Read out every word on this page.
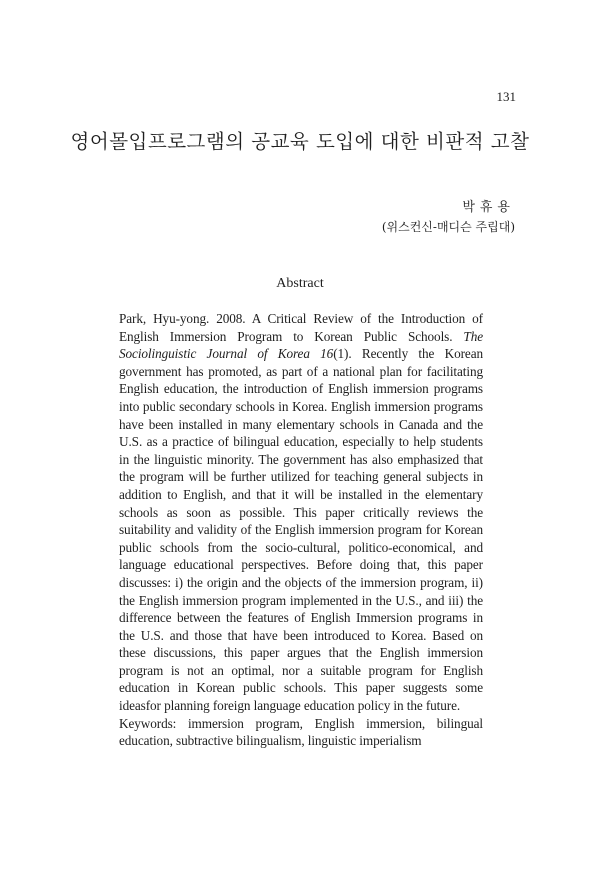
131
영어몰입프로그램의 공교육 도입에 대한 비판적 고찰
박휴용
(위스컨신-매디슨 주립대)
Abstract

Park, Hyu-yong. 2008. A Critical Review of the Introduction of English Immersion Program to Korean Public Schools. The Sociolinguistic Journal of Korea 16(1). Recently the Korean government has promoted, as part of a national plan for facilitating English education, the introduction of English immersion programs into public secondary schools in Korea. English immersion programs have been installed in many elementary schools in Canada and the U.S. as a practice of bilingual education, especially to help students in the linguistic minority. The government has also emphasized that the program will be further utilized for teaching general subjects in addition to English, and that it will be installed in the elementary schools as soon as possible. This paper critically reviews the suitability and validity of the English immersion program for Korean public schools from the socio-cultural, politico-economical, and language educational perspectives. Before doing that, this paper discusses: i) the origin and the objects of the immersion program, ii) the English immersion program implemented in the U.S., and iii) the difference between the features of English Immersion programs in the U.S. and those that have been introduced to Korea. Based on these discussions, this paper argues that the English immersion program is not an optimal, nor a suitable program for English education in Korean public schools. This paper suggests some ideasfor planning foreign language education policy in the future.

Keywords: immersion program, English immersion, bilingual education, subtractive bilingualism, linguistic imperialism
